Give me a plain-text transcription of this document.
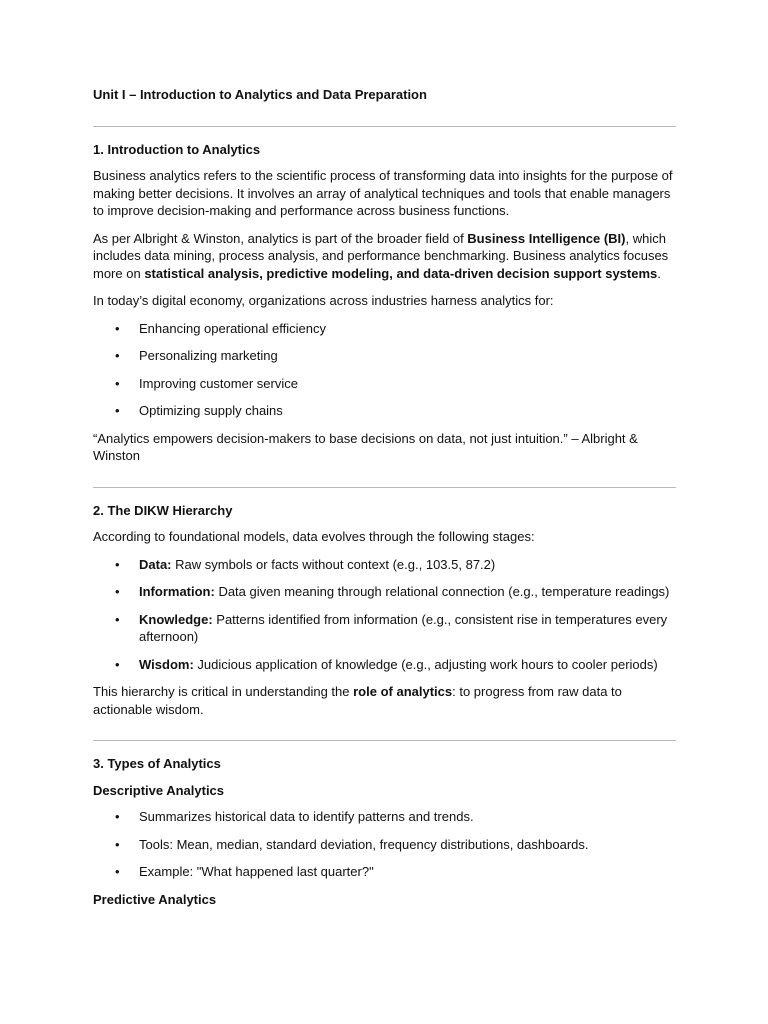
Unit I – Introduction to Analytics and Data Preparation
1. Introduction to Analytics

Business analytics refers to the scientific process of transforming data into insights for the purpose of making better decisions. It involves an array of analytical techniques and tools that enable managers to improve decision-making and performance across business functions.

As per Albright & Winston, analytics is part of the broader field of Business Intelligence (BI), which includes data mining, process analysis, and performance benchmarking. Business analytics focuses more on statistical analysis, predictive modeling, and data-driven decision support systems.

In today’s digital economy, organizations across industries harness analytics for:

• Enhancing operational efficiency
• Personalizing marketing
• Improving customer service
• Optimizing supply chains

“Analytics empowers decision-makers to base decisions on data, not just intuition.” – Albright & Winston

2. The DIKW Hierarchy

According to foundational models, data evolves through the following stages:

• Data: Raw symbols or facts without context (e.g., 103.5, 87.2)
• Information: Data given meaning through relational connection (e.g., temperature readings)
• Knowledge: Patterns identified from information (e.g., consistent rise in temperatures every afternoon)
• Wisdom: Judicious application of knowledge (e.g., adjusting work hours to cooler periods)

This hierarchy is critical in understanding the role of analytics: to progress from raw data to actionable wisdom.

3. Types of Analytics
Descriptive Analytics
• Summarizes historical data to identify patterns and trends.
• Tools: Mean, median, standard deviation, frequency distributions, dashboards.
• Example: "What happened last quarter?"
Predictive Analytics
